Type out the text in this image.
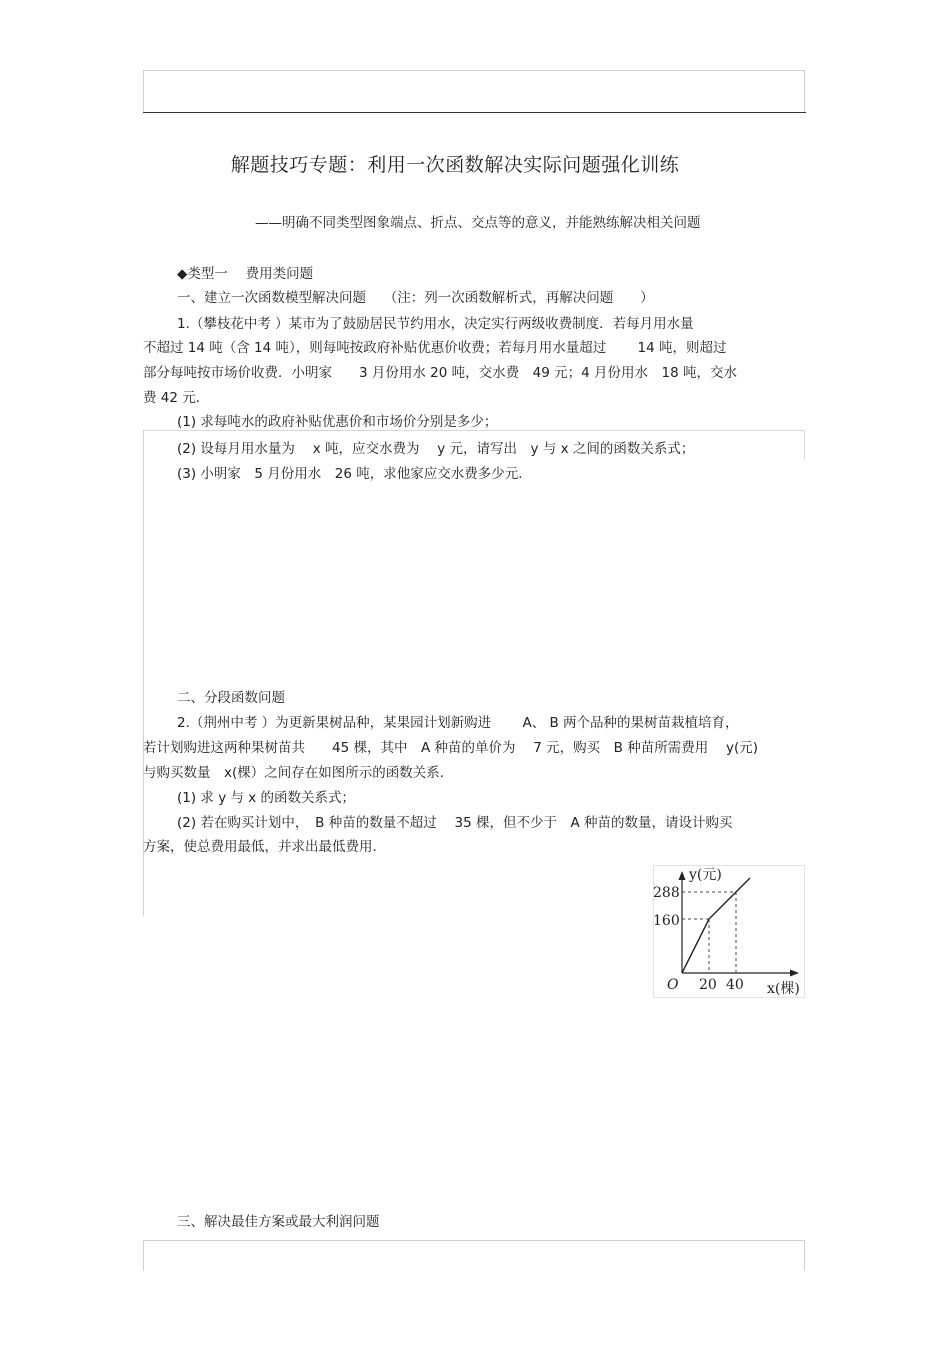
解题技巧专题：利用一次函数解决实际问题强化训练
——明确不同类型图象端点、折点、交点等的意义，并能熟练解决相关问题
◆类型一　 费用类问题
一、建立一次函数模型解决问题　 （注：列一次函数解析式，再解决问题　　）
1.（攀枝花中考 ）某市为了鼓励居民节约用水，决定实行两级收费制度．若每月用水量
不超过 14 吨（含 14 吨），则每吨按政府补贴优惠价收费；若每月用水量超过　　 14 吨，则超过
部分每吨按市场价收费．小明家　　3 月份用水 20 吨，交水费　49 元；4 月份用水　18 吨，交水
费 42 元．
(1) 求每吨水的政府补贴优惠价和市场价分别是多少；
(2) 设每月用水量为　 x 吨，应交水费为　 y 元，请写出　y 与 x 之间的函数关系式；
(3) 小明家　5 月份用水　26 吨，求他家应交水费多少元．
二、分段函数问题
2.（荆州中考 ）为更新果树品种，某果园计划新购进　　 A、 B 两个品种的果树苗栽植培育，
若计划购进这两种果树苗共　　45 棵，其中　A 种苗的单价为　 7 元，购买　B 种苗所需费用　 y(元)
与购买数量　x(棵）之间存在如图所示的函数关系．
(1) 求 y 与 x 的函数关系式；
(2) 若在购买计划中，　B 种苗的数量不超过　 35 棵，但不少于　A 种苗的数量，请设计购买
方案，使总费用最低，并求出最低费用．
y(元)
x(棵)
O
288
160
20 40
三、解决最佳方案或最大利润问题
